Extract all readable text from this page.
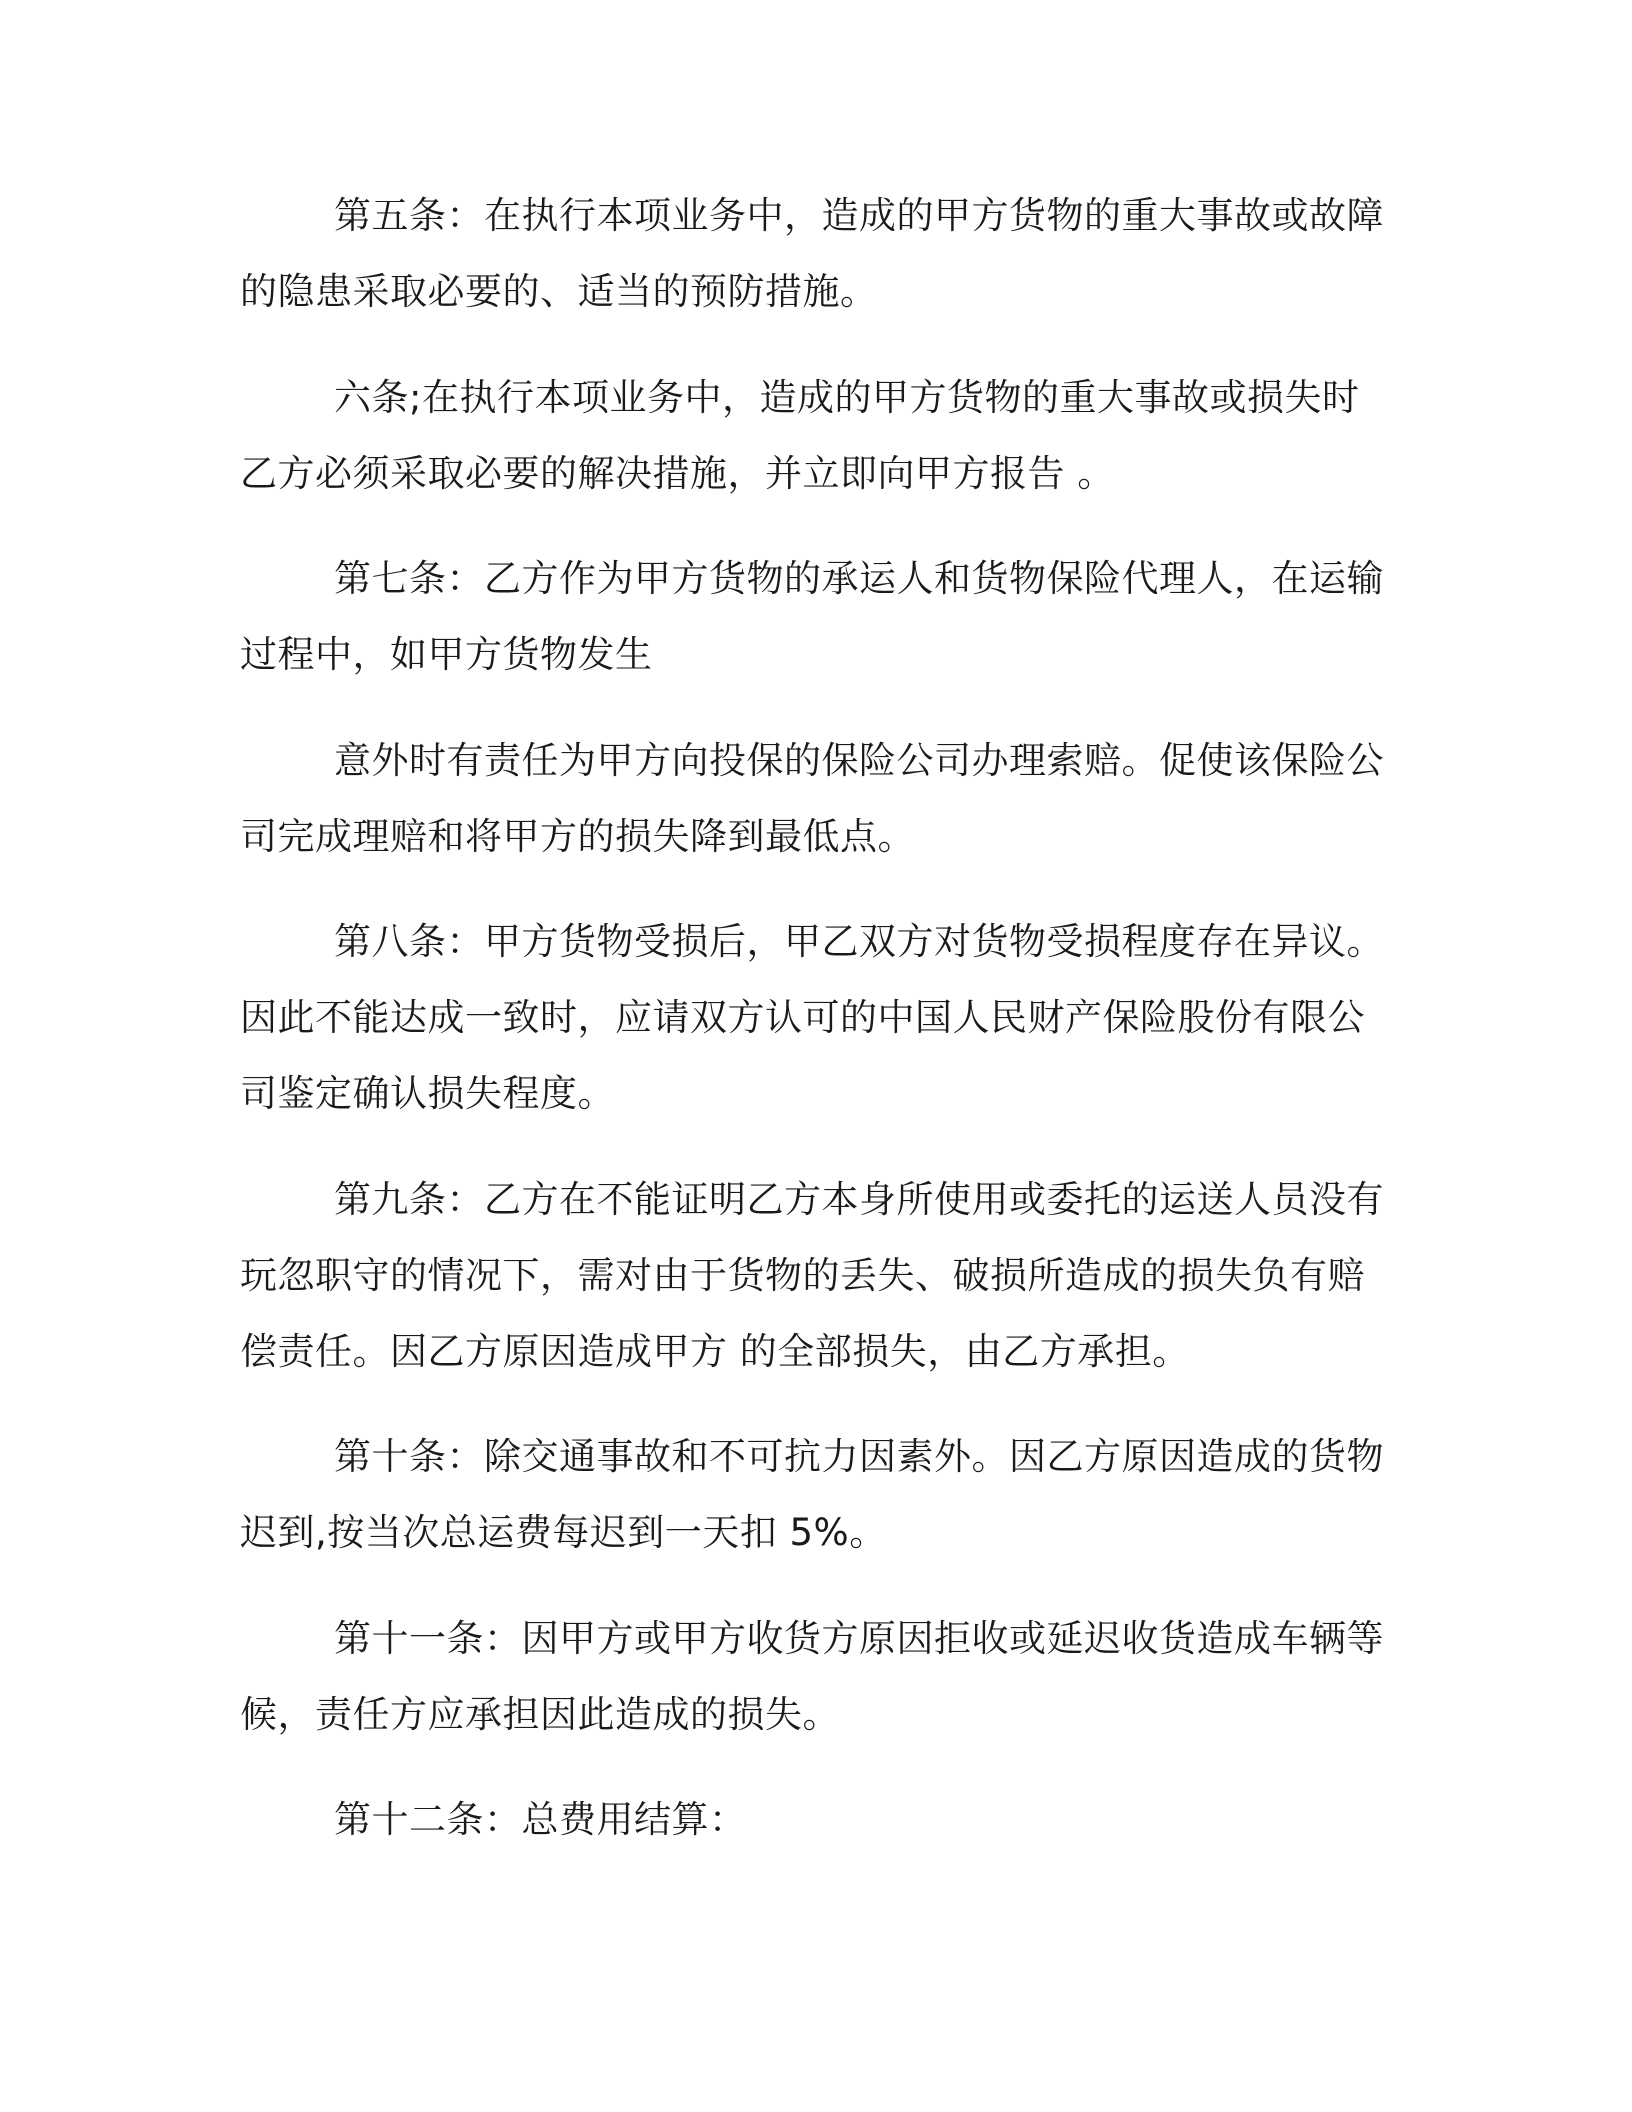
第五条：在执行本项业务中，造成的甲方货物的重大事故或故障

的隐患采取必要的、适当的预防措施。

六条;在执行本项业务中，造成的甲方货物的重大事故或损失时

乙方必须采取必要的解决措施，并立即向甲方报告 。

第七条：乙方作为甲方货物的承运人和货物保险代理人，在运输

过程中，如甲方货物发生

意外时有责任为甲方向投保的保险公司办理索赔。促使该保险公

司完成理赔和将甲方的损失降到最低点。

第八条：甲方货物受损后，甲乙双方对货物受损程度存在异议。

因此不能达成一致时，应请双方认可的中国人民财产保险股份有限公

司鉴定确认损失程度。

第九条：乙方在不能证明乙方本身所使用或委托的运送人员没有

玩忽职守的情况下，需对由于货物的丢失、破损所造成的损失负有赔

偿责任。因乙方原因造成甲方 的全部损失，由乙方承担。

第十条：除交通事故和不可抗力因素外。因乙方原因造成的货物

迟到,按当次总运费每迟到一天扣 5%。

第十一条：因甲方或甲方收货方原因拒收或延迟收货造成车辆等

候，责任方应承担因此造成的损失。

第十二条：总费用结算：
